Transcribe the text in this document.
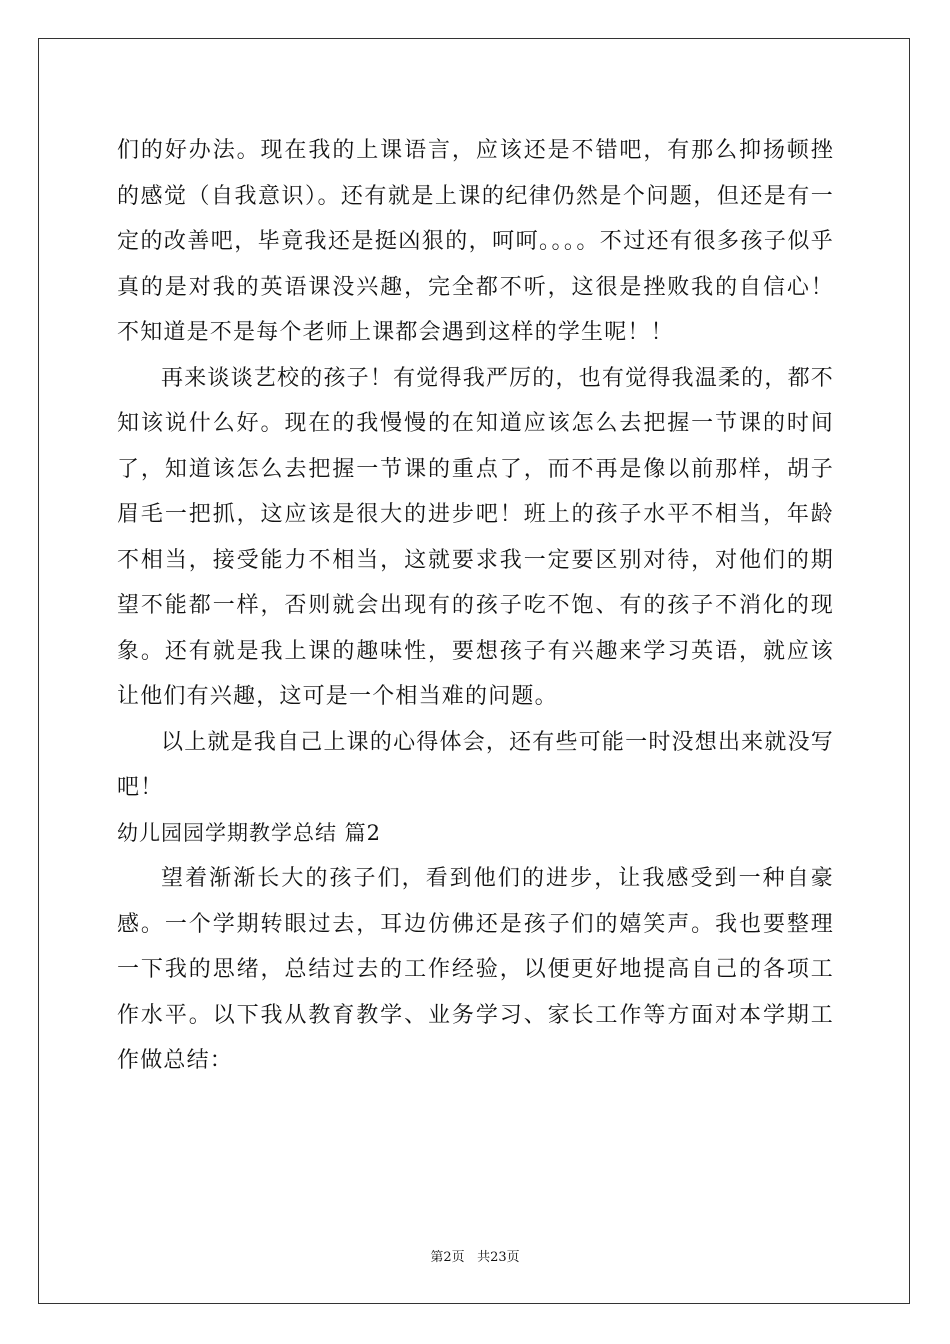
们的好办法。现在我的上课语言，应该还是不错吧，有那么抑扬顿挫的感觉（自我意识）。还有就是上课的纪律仍然是个问题，但还是有一定的改善吧，毕竟我还是挺凶狠的，呵呵。。。。不过还有很多孩子似乎真的是对我的英语课没兴趣，完全都不听，这很是挫败我的自信心！不知道是不是每个老师上课都会遇到这样的学生呢！！

再来谈谈艺校的孩子！有觉得我严厉的，也有觉得我温柔的，都不知该说什么好。现在的我慢慢的在知道应该怎么去把握一节课的时间了，知道该怎么去把握一节课的重点了，而不再是像以前那样，胡子眉毛一把抓，这应该是很大的进步吧！班上的孩子水平不相当，年龄不相当，接受能力不相当，这就要求我一定要区别对待，对他们的期望不能都一样，否则就会出现有的孩子吃不饱、有的孩子不消化的现象。还有就是我上课的趣味性，要想孩子有兴趣来学习英语，就应该让他们有兴趣，这可是一个相当难的问题。

以上就是我自己上课的心得体会，还有些可能一时没想出来就没写吧！

幼儿园园学期教学总结 篇2

望着渐渐长大的孩子们，看到他们的进步，让我感受到一种自豪感。一个学期转眼过去，耳边仿佛还是孩子们的嬉笑声。我也要整理一下我的思绪，总结过去的工作经验，以便更好地提高自己的各项工作水平。以下我从教育教学、业务学习、家长工作等方面对本学期工作做总结：

第2页 共23页
